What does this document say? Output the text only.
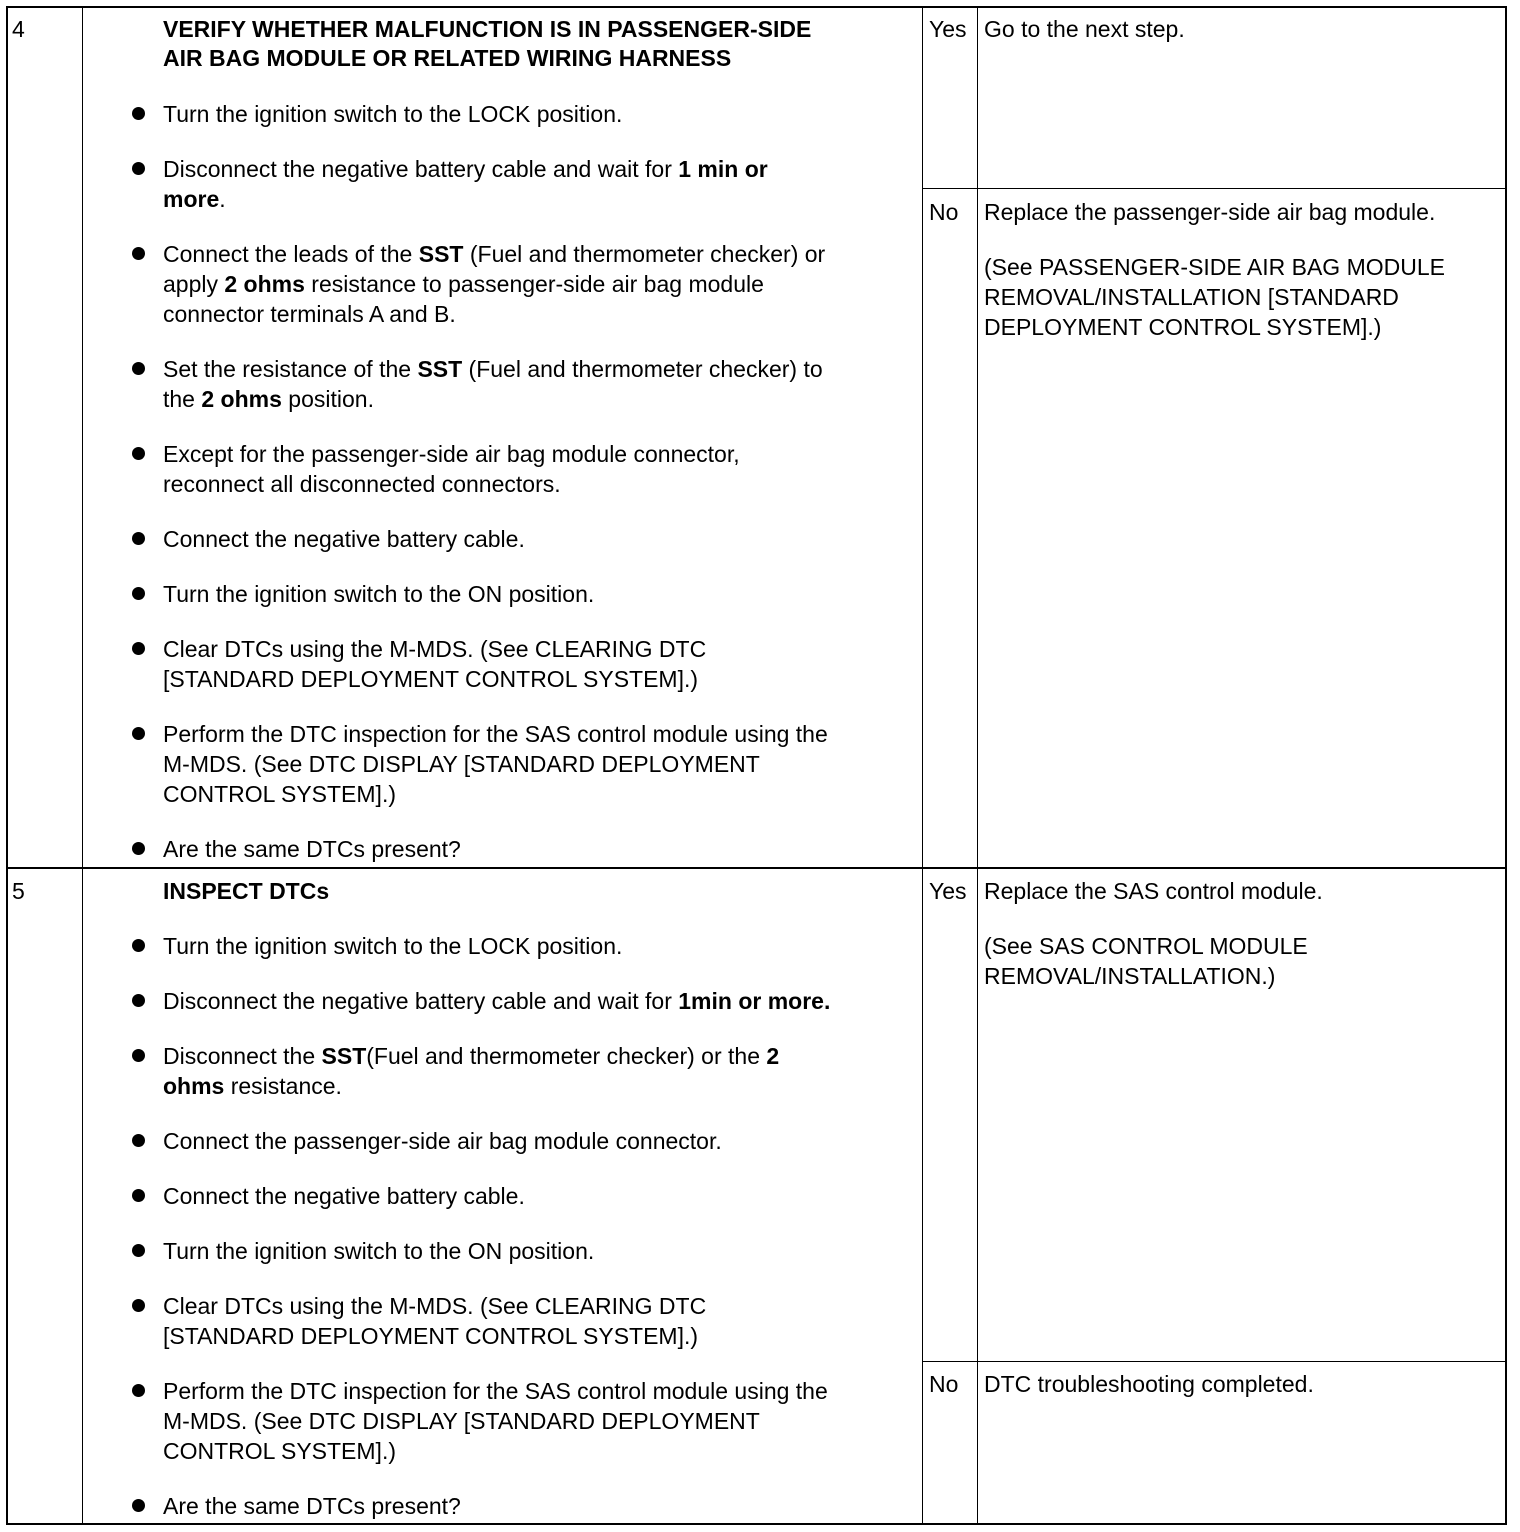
4	VERIFY WHETHER MALFUNCTION IS IN PASSENGER-SIDE
AIR BAG MODULE OR RELATED WIRING HARNESS
Turn the ignition switch to the LOCK position.
Disconnect the negative battery cable and wait for 1 min or
more.
Connect the leads of the SST (Fuel and thermometer checker) or
apply 2 ohms resistance to passenger-side air bag module
connector terminals A and B.
Set the resistance of the SST (Fuel and thermometer checker) to
the 2 ohms position.
Except for the passenger-side air bag module connector,
reconnect all disconnected connectors.
Connect the negative battery cable.
Turn the ignition switch to the ON position.
Clear DTCs using the M-MDS. (See CLEARING DTC
[STANDARD DEPLOYMENT CONTROL SYSTEM].)
Perform the DTC inspection for the SAS control module using the
M-MDS. (See DTC DISPLAY [STANDARD DEPLOYMENT
CONTROL SYSTEM].)
Are the same DTCs present?
Yes Go to the next step.
No Replace the passenger-side air bag module.
(See PASSENGER-SIDE AIR BAG MODULE
REMOVAL/INSTALLATION [STANDARD
DEPLOYMENT CONTROL SYSTEM].)
5	INSPECT DTCs
Turn the ignition switch to the LOCK position.
Disconnect the negative battery cable and wait for 1min or more.
Disconnect the SST(Fuel and thermometer checker) or the 2
ohms resistance.
Connect the passenger-side air bag module connector.
Connect the negative battery cable.
Turn the ignition switch to the ON position.
Clear DTCs using the M-MDS. (See CLEARING DTC
[STANDARD DEPLOYMENT CONTROL SYSTEM].)
Perform the DTC inspection for the SAS control module using the
M-MDS. (See DTC DISPLAY [STANDARD DEPLOYMENT
CONTROL SYSTEM].)
Are the same DTCs present?
Yes Replace the SAS control module.
(See SAS CONTROL MODULE
REMOVAL/INSTALLATION.)
No DTC troubleshooting completed.
